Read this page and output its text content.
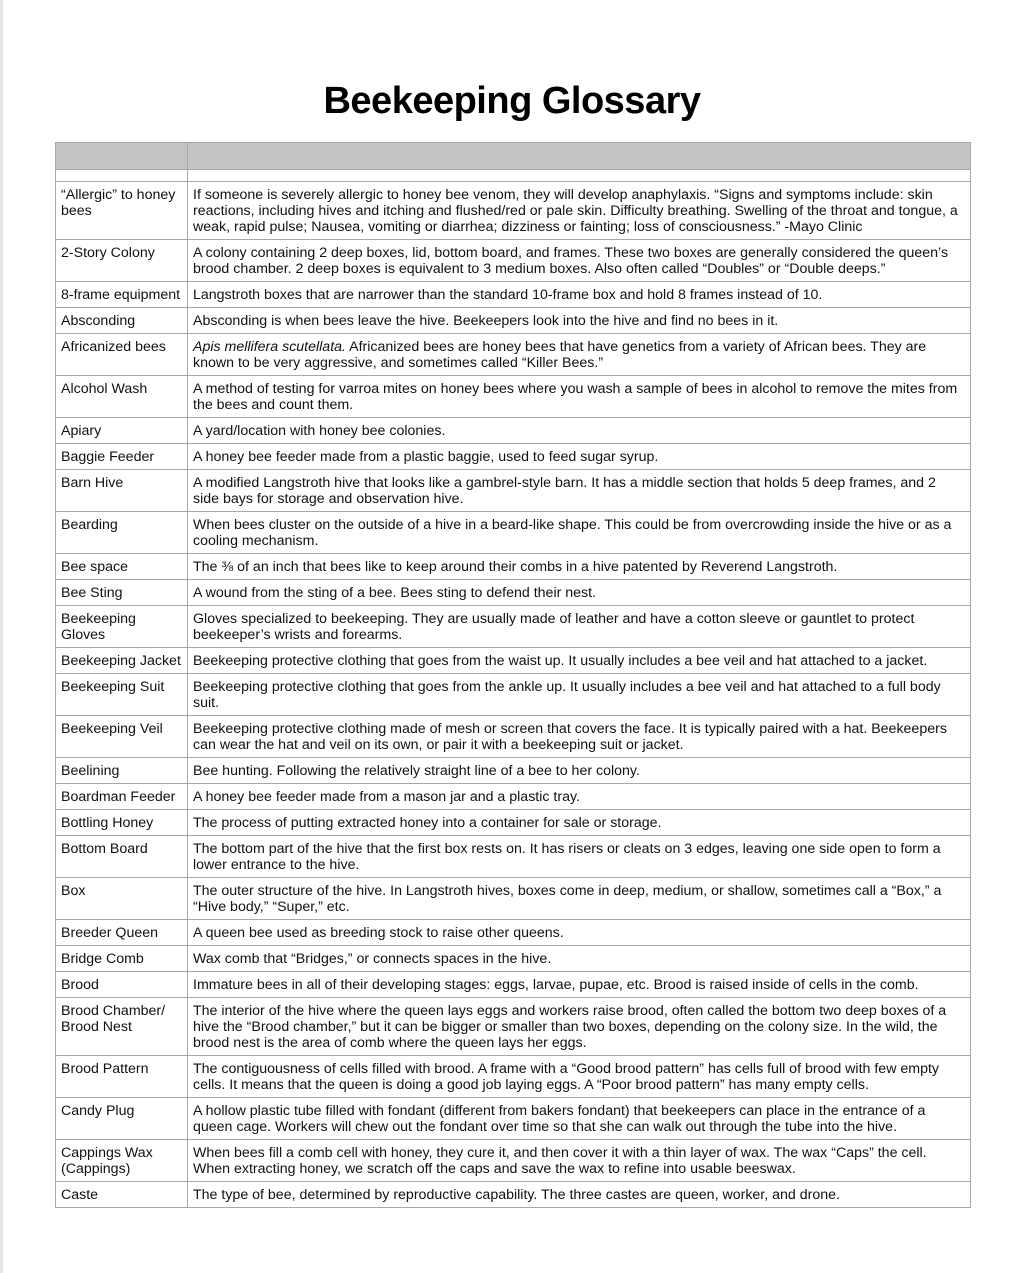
Beekeeping Glossary

“Allergic” to honey bees	If someone is severely allergic to honey bee venom, they will develop anaphylaxis. “Signs and symptoms include: skin reactions, including hives and itching and flushed/red or pale skin. Difficulty breathing. Swelling of the throat and tongue, a weak, rapid pulse; Nausea, vomiting or diarrhea; dizziness or fainting; loss of consciousness.” -Mayo Clinic
2-Story Colony	A colony containing 2 deep boxes, lid, bottom board, and frames. These two boxes are generally considered the queen’s brood chamber. 2 deep boxes is equivalent to 3 medium boxes. Also often called “Doubles” or “Double deeps.”
8-frame equipment	Langstroth boxes that are narrower than the standard 10-frame box and hold 8 frames instead of 10.
Absconding	Absconding is when bees leave the hive. Beekeepers look into the hive and find no bees in it.
Africanized bees	Apis mellifera scutellata. Africanized bees are honey bees that have genetics from a variety of African bees. They are known to be very aggressive, and sometimes called “Killer Bees.”
Alcohol Wash	A method of testing for varroa mites on honey bees where you wash a sample of bees in alcohol to remove the mites from the bees and count them.
Apiary	A yard/location with honey bee colonies.
Baggie Feeder	A honey bee feeder made from a plastic baggie, used to feed sugar syrup.
Barn Hive	A modified Langstroth hive that looks like a gambrel-style barn. It has a middle section that holds 5 deep frames, and 2 side bays for storage and observation hive.
Bearding	When bees cluster on the outside of a hive in a beard-like shape. This could be from overcrowding inside the hive or as a cooling mechanism.
Bee space	The ⅜ of an inch that bees like to keep around their combs in a hive patented by Reverend Langstroth.
Bee Sting	A wound from the sting of a bee. Bees sting to defend their nest.
Beekeeping Gloves	Gloves specialized to beekeeping. They are usually made of leather and have a cotton sleeve or gauntlet to protect beekeeper’s wrists and forearms.
Beekeeping Jacket	Beekeeping protective clothing that goes from the waist up. It usually includes a bee veil and hat attached to a jacket.
Beekeeping Suit	Beekeeping protective clothing that goes from the ankle up. It usually includes a bee veil and hat attached to a full body suit.
Beekeeping Veil	Beekeeping protective clothing made of mesh or screen that covers the face. It is typically paired with a hat. Beekeepers can wear the hat and veil on its own, or pair it with a beekeeping suit or jacket.
Beelining	Bee hunting. Following the relatively straight line of a bee to her colony.
Boardman Feeder	A honey bee feeder made from a mason jar and a plastic tray.
Bottling Honey	The process of putting extracted honey into a container for sale or storage.
Bottom Board	The bottom part of the hive that the first box rests on. It has risers or cleats on 3 edges, leaving one side open to form a lower entrance to the hive.
Box	The outer structure of the hive. In Langstroth hives, boxes come in deep, medium, or shallow, sometimes call a “Box,” a “Hive body,” “Super,” etc.
Breeder Queen	A queen bee used as breeding stock to raise other queens.
Bridge Comb	Wax comb that “Bridges,” or connects spaces in the hive.
Brood	Immature bees in all of their developing stages: eggs, larvae, pupae, etc. Brood is raised inside of cells in the comb.
Brood Chamber/ Brood Nest	The interior of the hive where the queen lays eggs and workers raise brood, often called the bottom two deep boxes of a hive the “Brood chamber,” but it can be bigger or smaller than two boxes, depending on the colony size. In the wild, the brood nest is the area of comb where the queen lays her eggs.
Brood Pattern	The contiguousness of cells filled with brood. A frame with a “Good brood pattern” has cells full of brood with few empty cells. It means that the queen is doing a good job laying eggs. A “Poor brood pattern” has many empty cells.
Candy Plug	A hollow plastic tube filled with fondant (different from bakers fondant) that beekeepers can place in the entrance of a queen cage. Workers will chew out the fondant over time so that she can walk out through the tube into the hive.
Cappings Wax (Cappings)	When bees fill a comb cell with honey, they cure it, and then cover it with a thin layer of wax. The wax “Caps” the cell. When extracting honey, we scratch off the caps and save the wax to refine into usable beeswax.
Caste	The type of bee, determined by reproductive capability. The three castes are queen, worker, and drone.
